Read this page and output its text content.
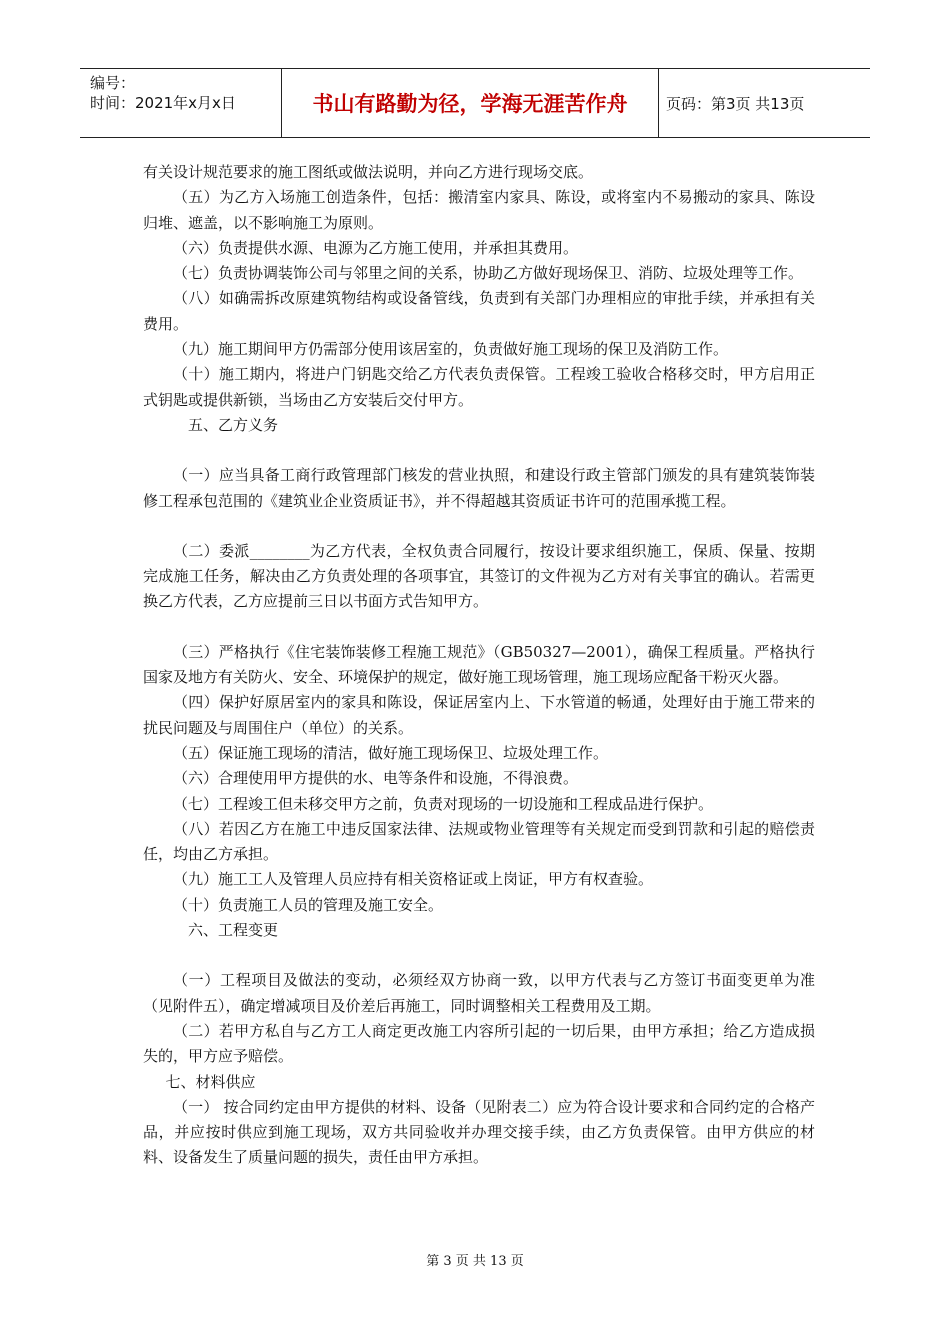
编号：
时间：2021年x月x日	书山有路勤为径，学海无涯苦作舟	页码：第3页 共13页

有关设计规范要求的施工图纸或做法说明，并向乙方进行现场交底。

（五）为乙方入场施工创造条件，包括：搬清室内家具、陈设，或将室内不易搬动的家具、陈设归堆、遮盖，以不影响施工为原则。

（六）负责提供水源、电源为乙方施工使用，并承担其费用。

（七）负责协调装饰公司与邻里之间的关系，协助乙方做好现场保卫、消防、垃圾处理等工作。

（八）如确需拆改原建筑物结构或设备管线，负责到有关部门办理相应的审批手续，并承担有关费用。

（九）施工期间甲方仍需部分使用该居室的，负责做好施工现场的保卫及消防工作。

（十）施工期内，将进户门钥匙交给乙方代表负责保管。工程竣工验收合格移交时，甲方启用正式钥匙或提供新锁，当场由乙方安装后交付甲方。

五、乙方义务

（一）应当具备工商行政管理部门核发的营业执照，和建设行政主管部门颁发的具有建筑装饰装修工程承包范围的《建筑业企业资质证书》，并不得超越其资质证书许可的范围承揽工程。

（二）委派________为乙方代表，全权负责合同履行，按设计要求组织施工，保质、保量、按期完成施工任务，解决由乙方负责处理的各项事宜，其签订的文件视为乙方对有关事宜的确认。若需更换乙方代表，乙方应提前三日以书面方式告知甲方。

（三）严格执行《住宅装饰装修工程施工规范》（GB50327—2001），确保工程质量。严格执行国家及地方有关防火、安全、环境保护的规定，做好施工现场管理，施工现场应配备干粉灭火器。

（四）保护好原居室内的家具和陈设，保证居室内上、下水管道的畅通，处理好由于施工带来的扰民问题及与周围住户（单位）的关系。

（五）保证施工现场的清洁，做好施工现场保卫、垃圾处理工作。

（六）合理使用甲方提供的水、电等条件和设施，不得浪费。

（七）工程竣工但未移交甲方之前，负责对现场的一切设施和工程成品进行保护。

（八）若因乙方在施工中违反国家法律、法规或物业管理等有关规定而受到罚款和引起的赔偿责任，均由乙方承担。

（九）施工工人及管理人员应持有相关资格证或上岗证，甲方有权查验。

（十）负责施工人员的管理及施工安全。

六、工程变更

（一）工程项目及做法的变动，必须经双方协商一致，以甲方代表与乙方签订书面变更单为准（见附件五），确定增减项目及价差后再施工，同时调整相关工程费用及工期。

（二）若甲方私自与乙方工人商定更改施工内容所引起的一切后果，由甲方承担；给乙方造成损失的，甲方应予赔偿。

七、材料供应

（一） 按合同约定由甲方提供的材料、设备（见附表二）应为符合设计要求和合同约定的合格产品，并应按时供应到施工现场，双方共同验收并办理交接手续，由乙方负责保管。由甲方供应的材料、设备发生了质量问题的损失，责任由甲方承担。

第 3 页 共 13 页
